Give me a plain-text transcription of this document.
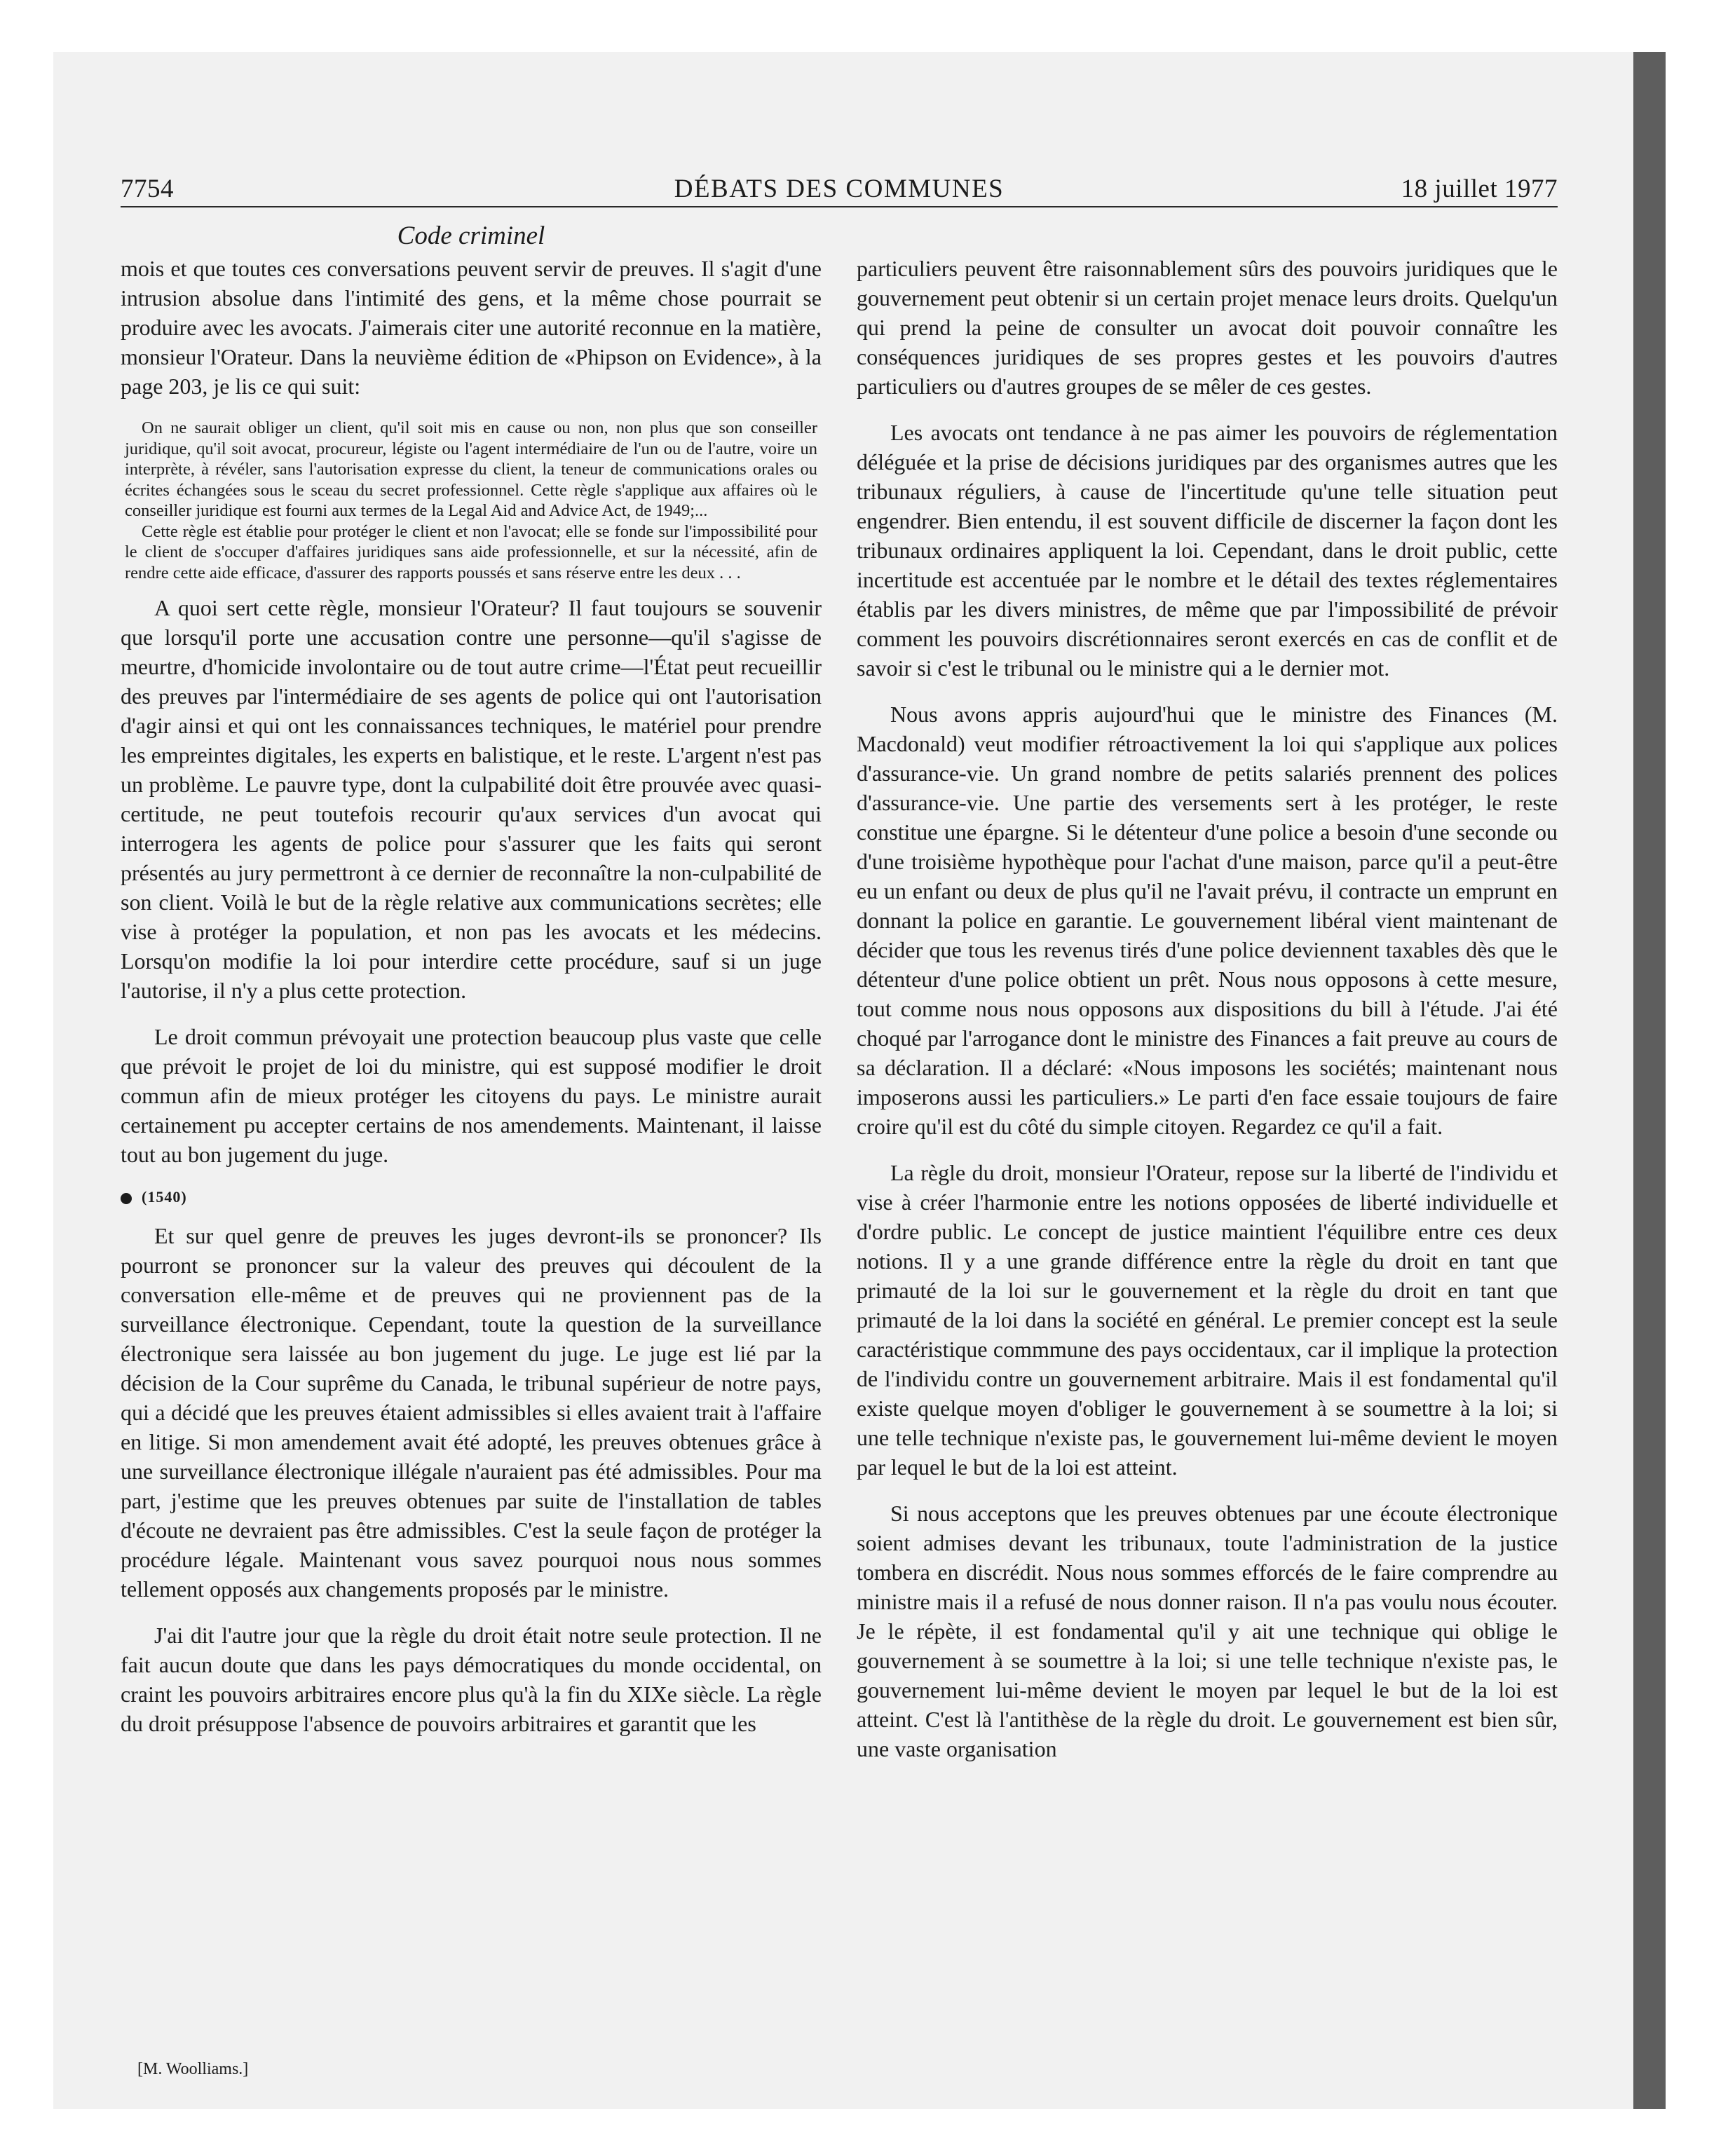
7754	DÉBATS DES COMMUNES	18 juillet 1977
Code criminel

mois et que toutes ces conversations peuvent servir de preuves. Il s'agit d'une intrusion absolue dans l'intimité des gens, et la même chose pourrait se produire avec les avocats. J'aimerais citer une autorité reconnue en la matière, monsieur l'Orateur. Dans la neuvième édition de «Phipson on Evidence», à la page 203, je lis ce qui suit:

On ne saurait obliger un client, qu'il soit mis en cause ou non, non plus que son conseiller juridique, qu'il soit avocat, procureur, légiste ou l'agent intermédiaire de l'un ou de l'autre, voire un interprète, à révéler, sans l'autorisation expresse du client, la teneur de communications orales ou écrites échangées sous le sceau du secret professionnel. Cette règle s'applique aux affaires où le conseiller juridique est fourni aux termes de la Legal Aid and Advice Act, de 1949;...

Cette règle est établie pour protéger le client et non l'avocat; elle se fonde sur l'impossibilité pour le client de s'occuper d'affaires juridiques sans aide professionnelle, et sur la nécessité, afin de rendre cette aide efficace, d'assurer des rapports poussés et sans réserve entre les deux . . .

A quoi sert cette règle, monsieur l'Orateur? Il faut toujours se souvenir que lorsqu'il porte une accusation contre une personne—qu'il s'agisse de meurtre, d'homicide involontaire ou de tout autre crime—l'État peut recueillir des preuves par l'intermédiaire de ses agents de police qui ont l'autorisation d'agir ainsi et qui ont les connaissances techniques, le matériel pour prendre les empreintes digitales, les experts en balistique, et le reste. L'argent n'est pas un problème. Le pauvre type, dont la culpabilité doit être prouvée avec quasi-certitude, ne peut toutefois recourir qu'aux services d'un avocat qui interrogera les agents de police pour s'assurer que les faits qui seront présentés au jury permettront à ce dernier de reconnaître la non-culpabilité de son client. Voilà le but de la règle relative aux communications secrètes; elle vise à protéger la population, et non pas les avocats et les médecins. Lorsqu'on modifie la loi pour interdire cette procédure, sauf si un juge l'autorise, il n'y a plus cette protection.

Le droit commun prévoyait une protection beaucoup plus vaste que celle que prévoit le projet de loi du ministre, qui est supposé modifier le droit commun afin de mieux protéger les citoyens du pays. Le ministre aurait certainement pu accepter certains de nos amendements. Maintenant, il laisse tout au bon jugement du juge.

(1540)

Et sur quel genre de preuves les juges devront-ils se prononcer? Ils pourront se prononcer sur la valeur des preuves qui découlent de la conversation elle-même et de preuves qui ne proviennent pas de la surveillance électronique. Cependant, toute la question de la surveillance électronique sera laissée au bon jugement du juge. Le juge est lié par la décision de la Cour suprême du Canada, le tribunal supérieur de notre pays, qui a décidé que les preuves étaient admissibles si elles avaient trait à l'affaire en litige. Si mon amendement avait été adopté, les preuves obtenues grâce à une surveillance électronique illégale n'auraient pas été admissibles. Pour ma part, j'estime que les preuves obtenues par suite de l'installation de tables d'écoute ne devraient pas être admissibles. C'est la seule façon de protéger la procédure légale. Maintenant vous savez pourquoi nous nous sommes tellement opposés aux changements proposés par le ministre.

J'ai dit l'autre jour que la règle du droit était notre seule protection. Il ne fait aucun doute que dans les pays démocratiques du monde occidental, on craint les pouvoirs arbitraires encore plus qu'à la fin du XIXe siècle. La règle du droit présuppose l'absence de pouvoirs arbitraires et garantit que les

particuliers peuvent être raisonnablement sûrs des pouvoirs juridiques que le gouvernement peut obtenir si un certain projet menace leurs droits. Quelqu'un qui prend la peine de consulter un avocat doit pouvoir connaître les conséquences juridiques de ses propres gestes et les pouvoirs d'autres particuliers ou d'autres groupes de se mêler de ces gestes.

Les avocats ont tendance à ne pas aimer les pouvoirs de réglementation déléguée et la prise de décisions juridiques par des organismes autres que les tribunaux réguliers, à cause de l'incertitude qu'une telle situation peut engendrer. Bien entendu, il est souvent difficile de discerner la façon dont les tribunaux ordinaires appliquent la loi. Cependant, dans le droit public, cette incertitude est accentuée par le nombre et le détail des textes réglementaires établis par les divers ministres, de même que par l'impossibilité de prévoir comment les pouvoirs discrétionnaires seront exercés en cas de conflit et de savoir si c'est le tribunal ou le ministre qui a le dernier mot.

Nous avons appris aujourd'hui que le ministre des Finances (M. Macdonald) veut modifier rétroactivement la loi qui s'applique aux polices d'assurance-vie. Un grand nombre de petits salariés prennent des polices d'assurance-vie. Une partie des versements sert à les protéger, le reste constitue une épargne. Si le détenteur d'une police a besoin d'une seconde ou d'une troisième hypothèque pour l'achat d'une maison, parce qu'il a peut-être eu un enfant ou deux de plus qu'il ne l'avait prévu, il contracte un emprunt en donnant la police en garantie. Le gouvernement libéral vient maintenant de décider que tous les revenus tirés d'une police deviennent taxables dès que le détenteur d'une police obtient un prêt. Nous nous opposons à cette mesure, tout comme nous nous opposons aux dispositions du bill à l'étude. J'ai été choqué par l'arrogance dont le ministre des Finances a fait preuve au cours de sa déclaration. Il a déclaré: «Nous imposons les sociétés; maintenant nous imposerons aussi les particuliers.» Le parti d'en face essaie toujours de faire croire qu'il est du côté du simple citoyen. Regardez ce qu'il a fait.

La règle du droit, monsieur l'Orateur, repose sur la liberté de l'individu et vise à créer l'harmonie entre les notions opposées de liberté individuelle et d'ordre public. Le concept de justice maintient l'équilibre entre ces deux notions. Il y a une grande différence entre la règle du droit en tant que primauté de la loi sur le gouvernement et la règle du droit en tant que primauté de la loi dans la société en général. Le premier concept est la seule caractéristique commmune des pays occidentaux, car il implique la protection de l'individu contre un gouvernement arbitraire. Mais il est fondamental qu'il existe quelque moyen d'obliger le gouvernement à se soumettre à la loi; si une telle technique n'existe pas, le gouvernement lui-même devient le moyen par lequel le but de la loi est atteint.

Si nous acceptons que les preuves obtenues par une écoute électronique soient admises devant les tribunaux, toute l'administration de la justice tombera en discrédit. Nous nous sommes efforcés de le faire comprendre au ministre mais il a refusé de nous donner raison. Il n'a pas voulu nous écouter. Je le répète, il est fondamental qu'il y ait une technique qui oblige le gouvernement à se soumettre à la loi; si une telle technique n'existe pas, le gouvernement lui-même devient le moyen par lequel le but de la loi est atteint. C'est là l'antithèse de la règle du droit. Le gouvernement est bien sûr, une vaste organisation

[M. Woolliams.]
